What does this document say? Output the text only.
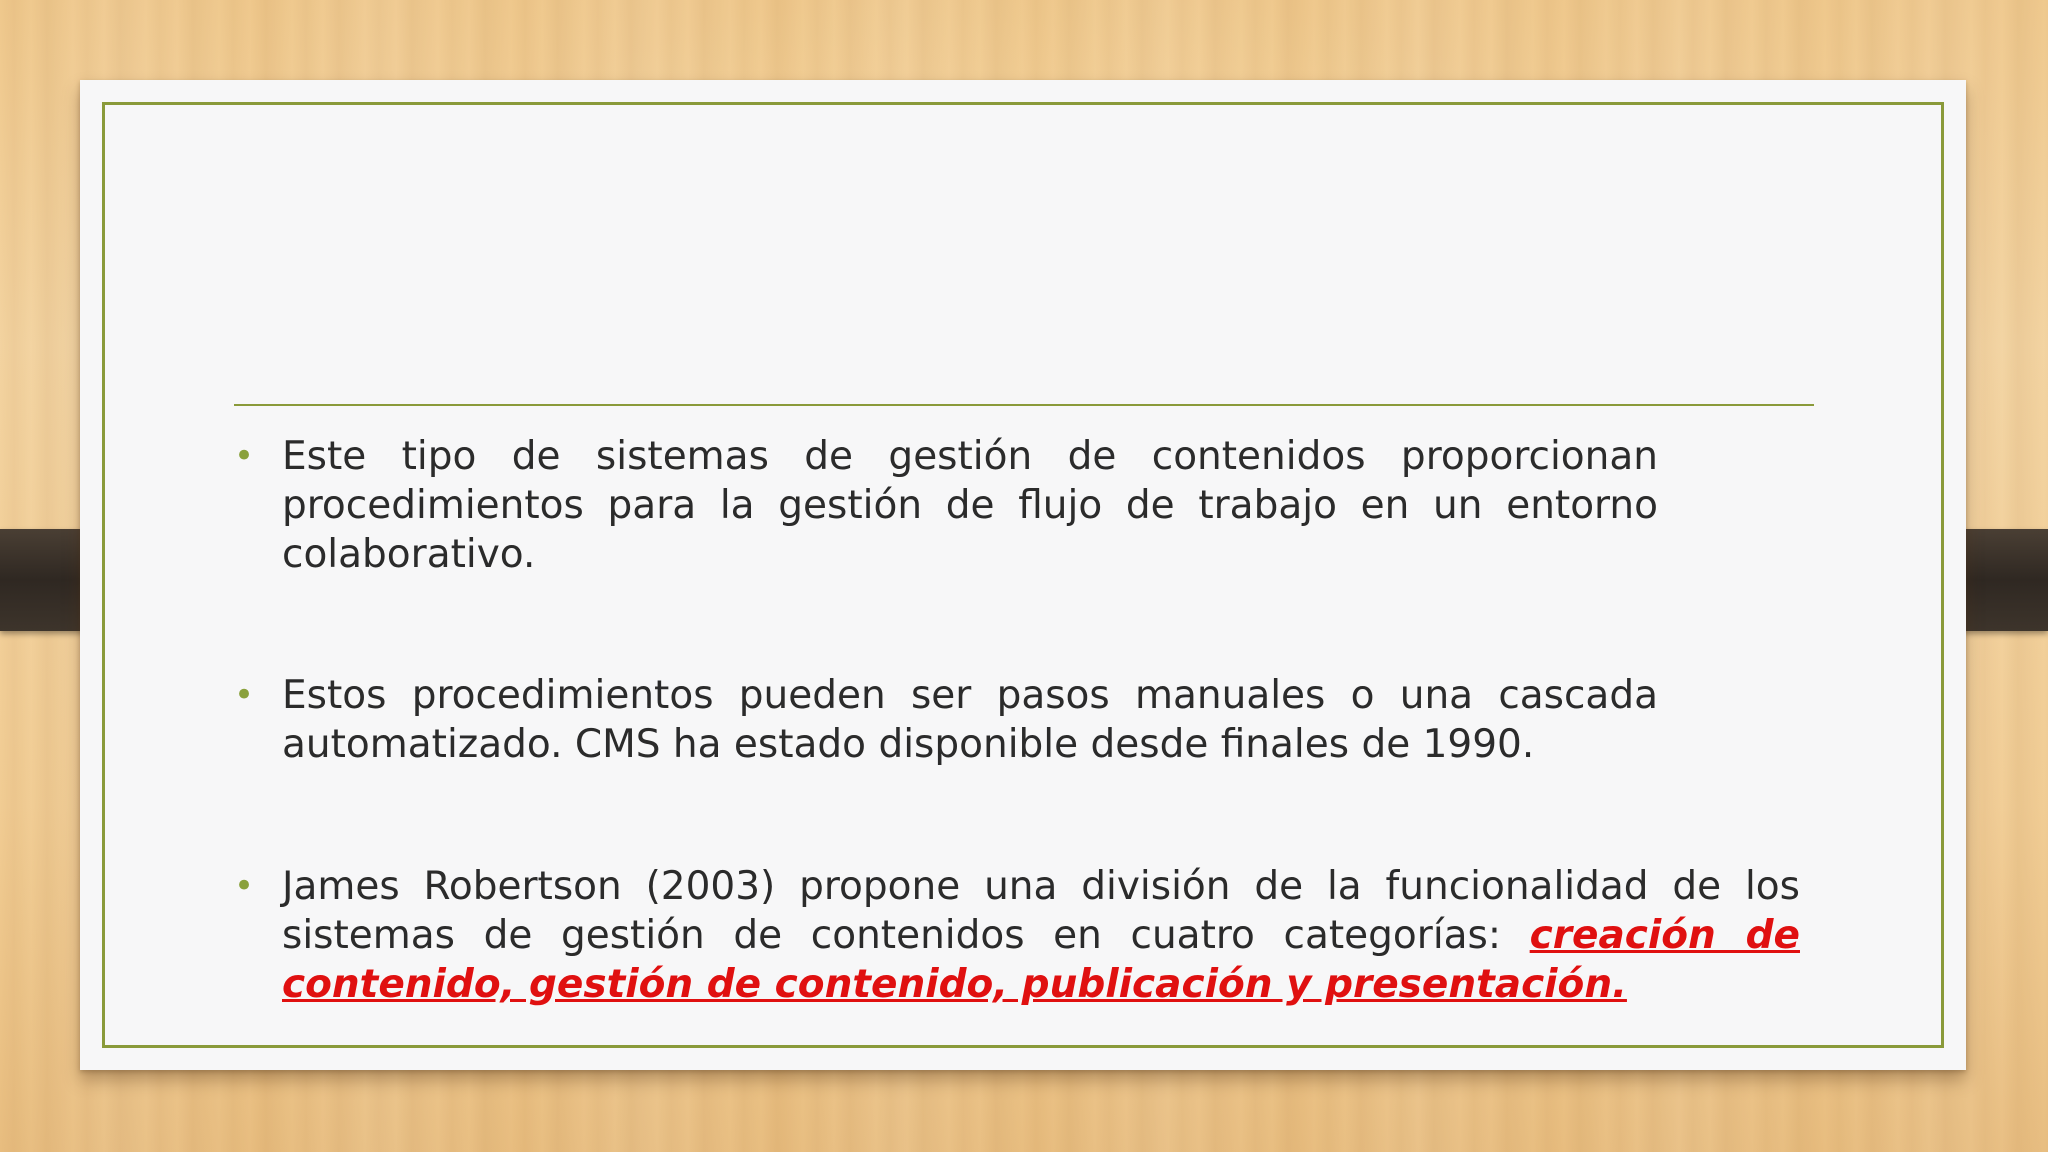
• Este tipo de sistemas de gestión de contenidos proporcionan procedimientos para la gestión de flujo de trabajo en un entorno colaborativo.
• Estos procedimientos pueden ser pasos manuales o una cascada automatizado. CMS ha estado disponible desde finales de 1990.
• James Robertson (2003) propone una división de la funcionalidad de los sistemas de gestión de contenidos en cuatro categorías: creación de contenido, gestión de contenido, publicación y presentación.
